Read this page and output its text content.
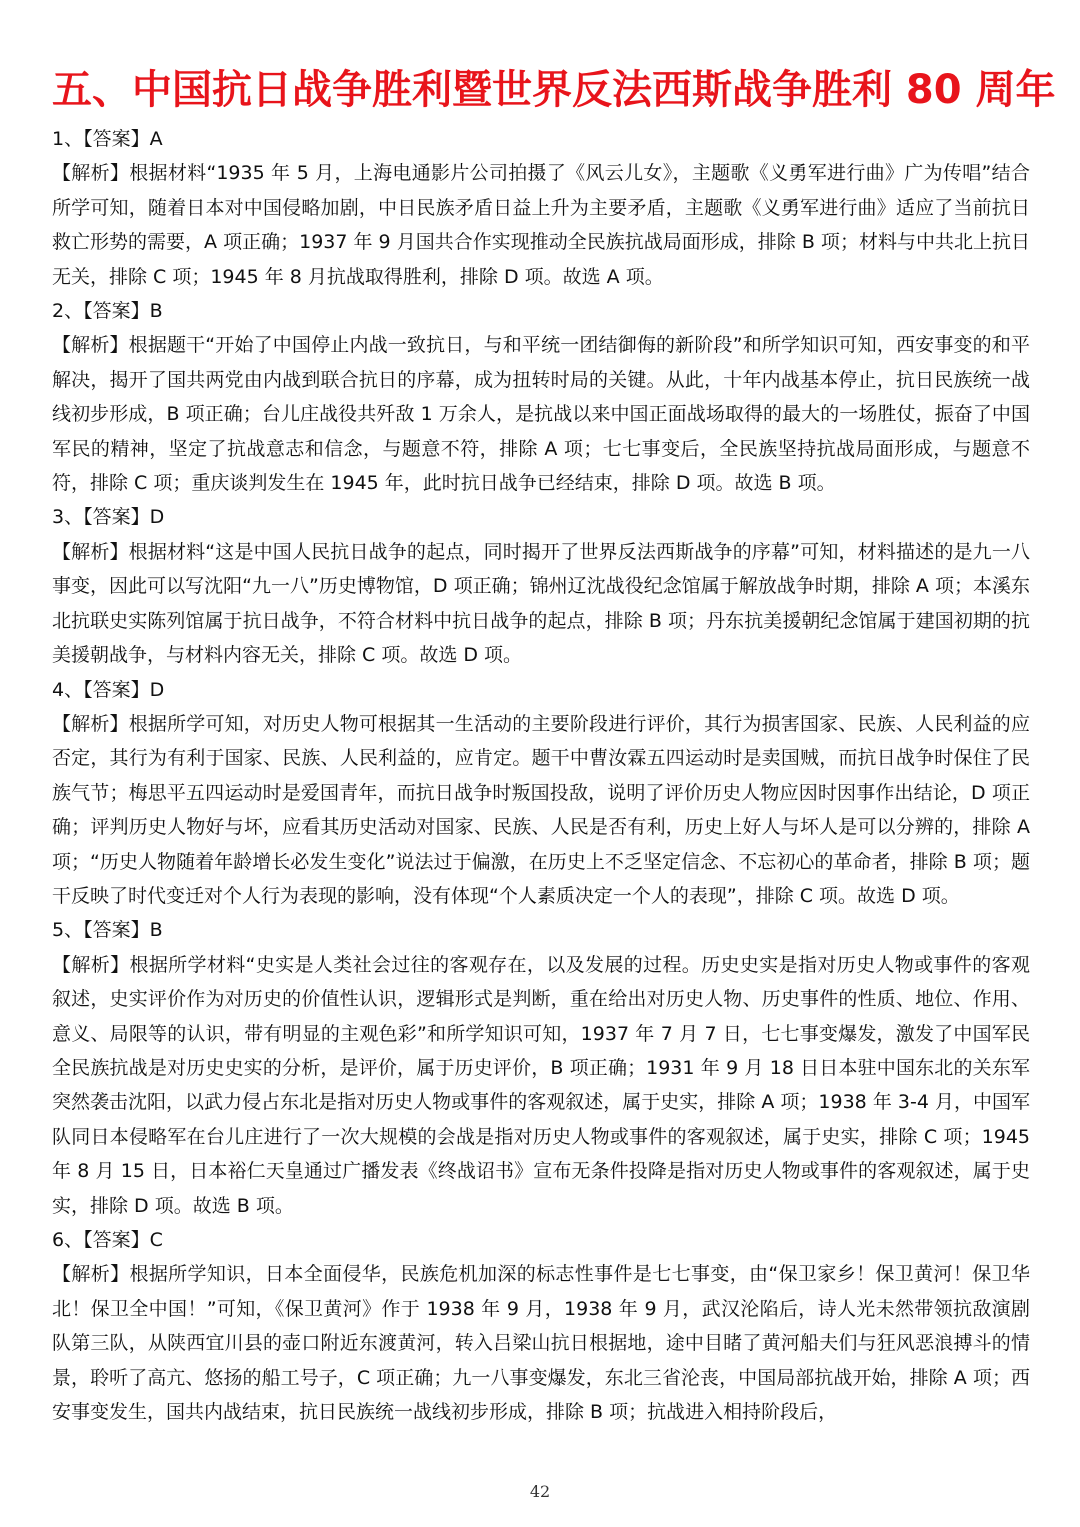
五、中国抗日战争胜利暨世界反法西斯战争胜利 80 周年

1、【答案】A

【解析】根据材料“1935 年 5 月，上海电通影片公司拍摄了《风云儿女》，主题歌《义勇军进行曲》广为传唱”结合所学可知，随着日本对中国侵略加剧，中日民族矛盾日益上升为主要矛盾，主题歌《义勇军进行曲》适应了当前抗日救亡形势的需要，A 项正确；1937 年 9 月国共合作实现推动全民族抗战局面形成，排除 B 项；材料与中共北上抗日无关，排除 C 项；1945 年 8 月抗战取得胜利，排除 D 项。故选 A 项。

2、【答案】B

【解析】根据题干“开始了中国停止内战一致抗日，与和平统一团结御侮的新阶段”和所学知识可知，西安事变的和平解决，揭开了国共两党由内战到联合抗日的序幕，成为扭转时局的关键。从此，十年内战基本停止，抗日民族统一战线初步形成，B 项正确；台儿庄战役共歼敌 1 万余人，是抗战以来中国正面战场取得的最大的一场胜仗，振奋了中国军民的精神，坚定了抗战意志和信念，与题意不符，排除 A 项；七七事变后，全民族坚持抗战局面形成，与题意不符，排除 C 项；重庆谈判发生在 1945 年，此时抗日战争已经结束，排除 D 项。故选 B 项。

3、【答案】D

【解析】根据材料“这是中国人民抗日战争的起点，同时揭开了世界反法西斯战争的序幕”可知，材料描述的是九一八事变，因此可以写沈阳“九一八”历史博物馆，D 项正确；锦州辽沈战役纪念馆属于解放战争时期，排除 A 项；本溪东北抗联史实陈列馆属于抗日战争，不符合材料中抗日战争的起点，排除 B 项；丹东抗美援朝纪念馆属于建国初期的抗美援朝战争，与材料内容无关，排除 C 项。故选 D 项。

4、【答案】D

【解析】根据所学可知，对历史人物可根据其一生活动的主要阶段进行评价，其行为损害国家、民族、人民利益的应否定，其行为有利于国家、民族、人民利益的，应肯定。题干中曹汝霖五四运动时是卖国贼，而抗日战争时保住了民族气节；梅思平五四运动时是爱国青年，而抗日战争时叛国投敌，说明了评价历史人物应因时因事作出结论，D 项正确；评判历史人物好与坏，应看其历史活动对国家、民族、人民是否有利，历史上好人与坏人是可以分辨的，排除 A 项；“历史人物随着年龄增长必发生变化”说法过于偏激，在历史上不乏坚定信念、不忘初心的革命者，排除 B 项；题干反映了时代变迁对个人行为表现的影响，没有体现“个人素质决定一个人的表现”，排除 C 项。故选 D 项。

5、【答案】B

【解析】根据所学材料“史实是人类社会过往的客观存在，以及发展的过程。历史史实是指对历史人物或事件的客观叙述，史实评价作为对历史的价值性认识，逻辑形式是判断，重在给出对历史人物、历史事件的性质、地位、作用、意义、局限等的认识，带有明显的主观色彩”和所学知识可知，1937 年 7 月 7 日，七七事变爆发，激发了中国军民全民族抗战是对历史史实的分析，是评价，属于历史评价，B 项正确；1931 年 9 月 18 日日本驻中国东北的关东军突然袭击沈阳，以武力侵占东北是指对历史人物或事件的客观叙述，属于史实，排除 A 项；1938 年 3-4 月，中国军队同日本侵略军在台儿庄进行了一次大规模的会战是指对历史人物或事件的客观叙述，属于史实，排除 C 项；1945 年 8 月 15 日，日本裕仁天皇通过广播发表《终战诏书》宣布无条件投降是指对历史人物或事件的客观叙述，属于史实，排除 D 项。故选 B 项。

6、【答案】C

【解析】根据所学知识，日本全面侵华，民族危机加深的标志性事件是七七事变，由“保卫家乡！保卫黄河！保卫华北！保卫全中国！”可知，《保卫黄河》作于 1938 年 9 月，1938 年 9 月，武汉沦陷后，诗人光未然带领抗敌演剧队第三队，从陕西宜川县的壶口附近东渡黄河，转入吕梁山抗日根据地，途中目睹了黄河船夫们与狂风恶浪搏斗的情景，聆听了高亢、悠扬的船工号子，C 项正确；九一八事变爆发，东北三省沦丧，中国局部抗战开始，排除 A 项；西安事变发生，国共内战结束，抗日民族统一战线初步形成，排除 B 项；抗战进入相持阶段后，

42
